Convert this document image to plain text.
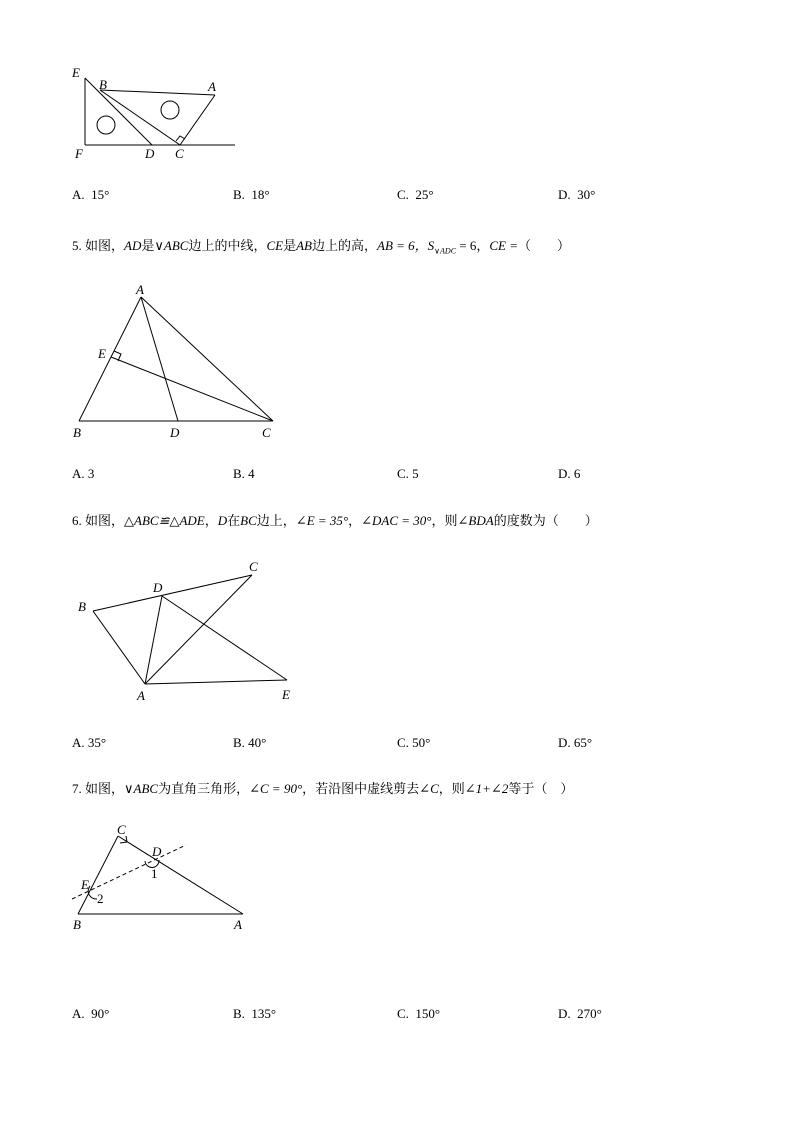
E
B	A
F	D C
A. 15°	B. 18°	C. 25°	D. 30°
5. 如图，AD是∨ABC边上的中线，CE是AB边上的高，AB = 6，$S_{\vee ADC} = 6$，CE =（　　）
A
E
B	D	C
A. 3	B. 4	C. 5	D. 6
6. 如图，△ABC≌△ADE，D在BC边上，∠E = 35°，∠DAC = 30°，则∠BDA的度数为（　　）
C
D
B
A	E
A. 35°	B. 40°	C. 50°	D. 65°
7. 如图，∨ABC为直角三角形，∠C = 90°，若沿图中虚线剪去∠C，则∠1+∠2等于（　）
C
D
1
E
2
B	A
A. 90°	B. 135°	C. 150°	D. 270°
